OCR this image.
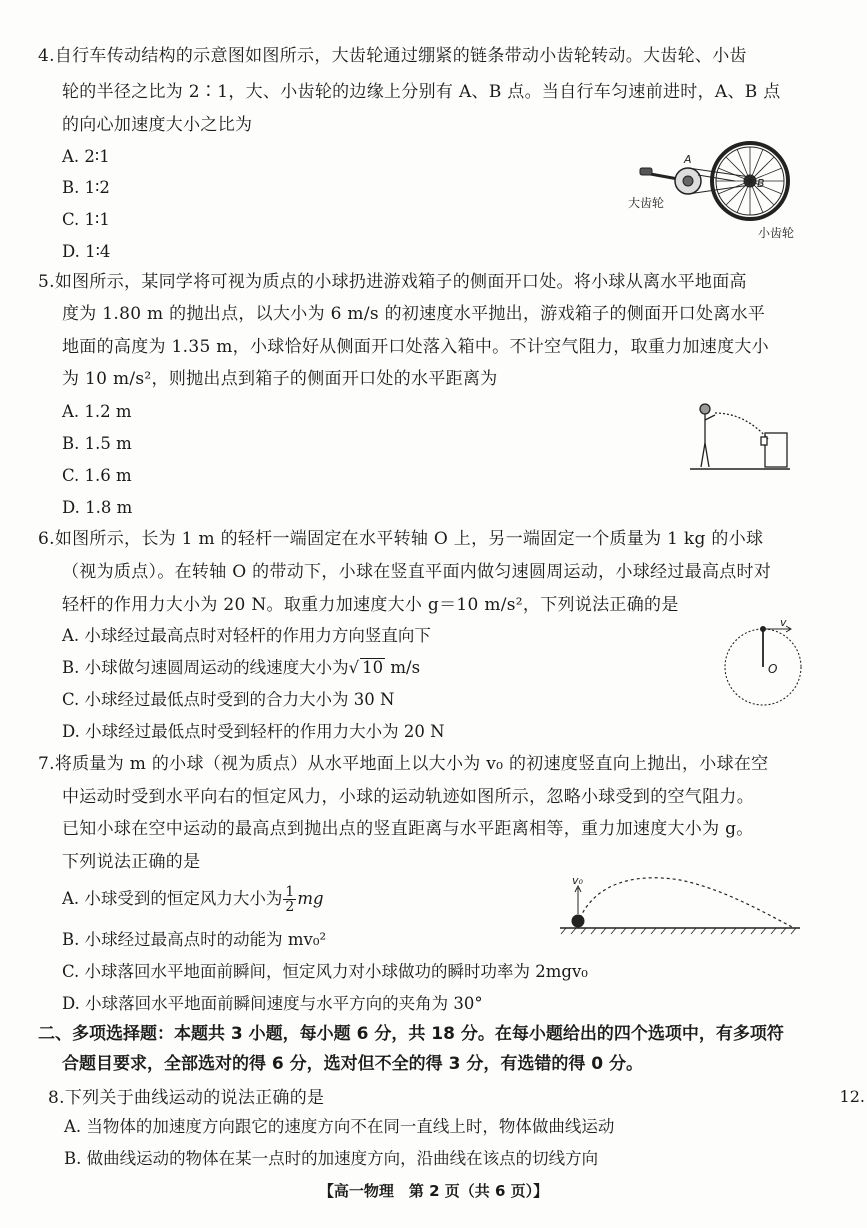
4.自行车传动结构的示意图如图所示，大齿轮通过绷紧的链条带动小齿轮转动。大齿轮、小齿
轮的半径之比为 2∶1，大、小齿轮的边缘上分别有 A、B 点。当自行车匀速前进时，A、B 点
的向心加速度大小之比为
A. 2∶1
B. 1∶2
C. 1∶1
D. 1∶4
A
B
大齿轮
小齿轮
5.如图所示，某同学将可视为质点的小球扔进游戏箱子的侧面开口处。将小球从离水平地面高
度为 1.80 m 的抛出点，以大小为 6 m/s 的初速度水平抛出，游戏箱子的侧面开口处离水平
地面的高度为 1.35 m，小球恰好从侧面开口处落入箱中。不计空气阻力，取重力加速度大小
为 10 m/s²，则抛出点到箱子的侧面开口处的水平距离为
A. 1.2 m
B. 1.5 m
C. 1.6 m
D. 1.8 m
6.如图所示，长为 1 m 的轻杆一端固定在水平转轴 O 上，另一端固定一个质量为 1 kg 的小球
（视为质点）。在转轴 O 的带动下，小球在竖直平面内做匀速圆周运动，小球经过最高点时对
轻杆的作用力大小为 20 N。取重力加速度大小 g＝10 m/s²，下列说法正确的是
A. 小球经过最高点时对轻杆的作用力方向竖直向下
B. 小球做匀速圆周运动的线速度大小为√ 10 m/s
C. 小球经过最低点时受到的合力大小为 30 N
D. 小球经过最低点时受到轻杆的作用力大小为 20 N
v
O
7.将质量为 m 的小球（视为质点）从水平地面上以大小为 v₀ 的初速度竖直向上抛出，小球在空
中运动时受到水平向右的恒定风力，小球的运动轨迹如图所示，忽略小球受到的空气阻力。
已知小球在空中运动的最高点到抛出点的竖直距离与水平距离相等，重力加速度大小为 g。
下列说法正确的是
A. 小球受到的恒定风力大小为 $\frac{1}{2}$ mg
B. 小球经过最高点时的动能为 mv₀²
C. 小球落回水平地面前瞬间，恒定风力对小球做功的瞬时功率为 2mgv₀
D. 小球落回水平地面前瞬间速度与水平方向的夹角为 30°
v₀
二、多项选择题：本题共 3 小题，每小题 6 分，共 18 分。在每小题给出的四个选项中，有多项符
合题目要求，全部选对的得 6 分，选对但不全的得 3 分，有选错的得 0 分。
8.下列关于曲线运动的说法正确的是
A. 当物体的加速度方向跟它的速度方向不在同一直线上时，物体做曲线运动
B. 做曲线运动的物体在某一点时的加速度方向，沿曲线在该点的切线方向
12.
【高一物理　第 2 页（共 6 页）】
